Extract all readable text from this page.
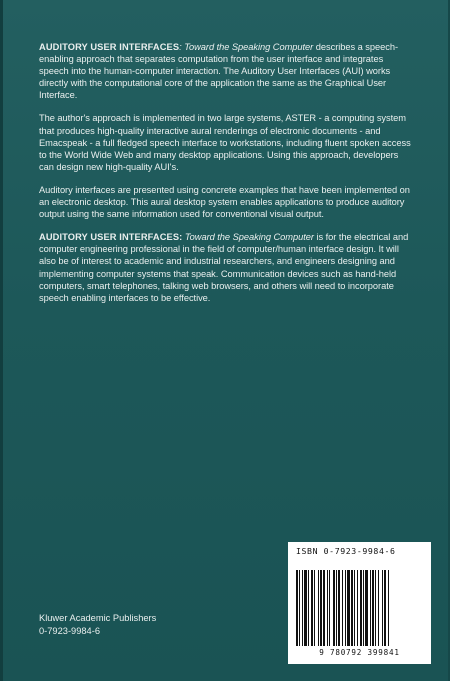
AUDITORY USER INTERFACES: Toward the Speaking Computer describes a speech-enabling approach that separates computation from the user interface and integrates speech into the human-computer interaction. The Auditory User Interfaces (AUI) works directly with the computational core of the application the same as the Graphical User Interface.

The author's approach is implemented in two large systems, ASTER - a computing system that produces high-quality interactive aural renderings of electronic documents - and Emacspeak - a full fledged speech interface to workstations, including fluent spoken access to the World Wide Web and many desktop applications. Using this approach, developers can design new high-quality AUI's.

Auditory interfaces are presented using concrete examples that have been implemented on an electronic desktop. This aural desktop system enables applications to produce auditory output using the same information used for conventional visual output.

AUDITORY USER INTERFACES: Toward the Speaking Computer is for the electrical and computer engineering professional in the field of computer/human interface design. It will also be of interest to academic and industrial researchers, and engineers designing and implementing computer systems that speak. Communication devices such as hand-held computers, smart telephones, talking web browsers, and others will need to incorporate speech enabling interfaces to be effective.

ISBN 0-7923-9984-6
9 780792 399841
Kluwer Academic Publishers
0-7923-9984-6
